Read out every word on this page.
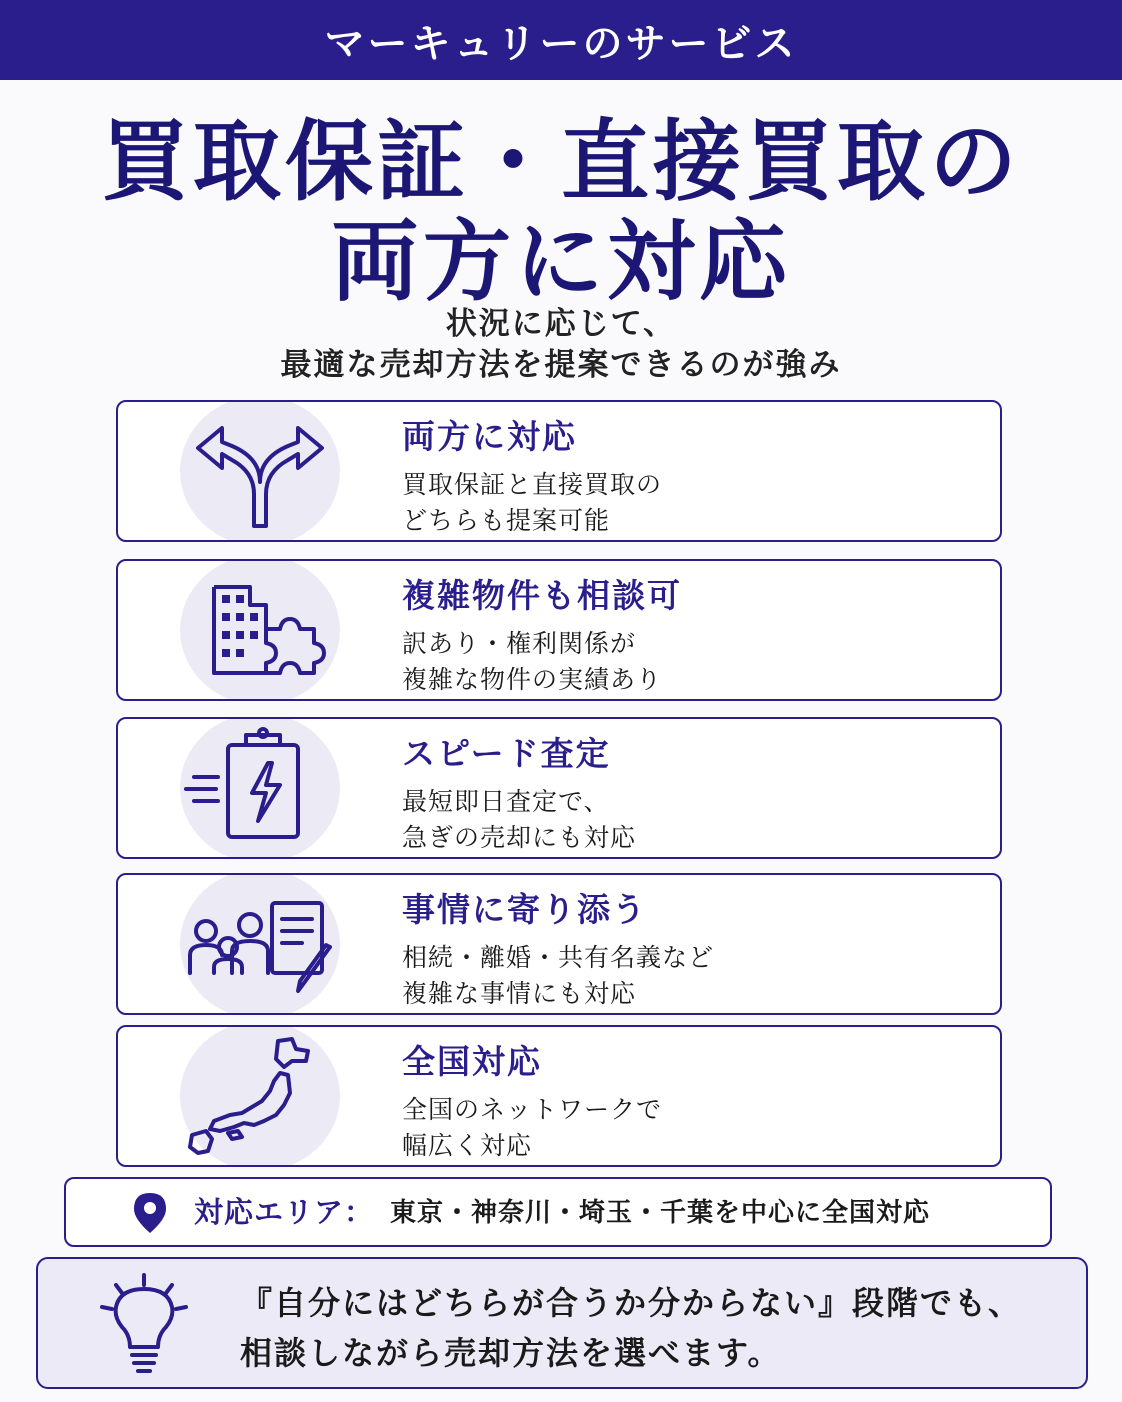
マーキュリーのサービス
買取保証・直接買取の
両方に対応
状況に応じて、
最適な売却方法を提案できるのが強み
両方に対応
買取保証と直接買取の
どちらも提案可能
複雑物件も相談可
訳あり・権利関係が
複雑な物件の実績あり
スピード査定
最短即日査定で、
急ぎの売却にも対応
事情に寄り添う
相続・離婚・共有名義など
複雑な事情にも対応
全国対応
全国のネットワークで
幅広く対応
対応エリア： 東京・神奈川・埼玉・千葉を中心に全国対応
『自分にはどちらが合うか分からない』段階でも、
相談しながら売却方法を選べます。
